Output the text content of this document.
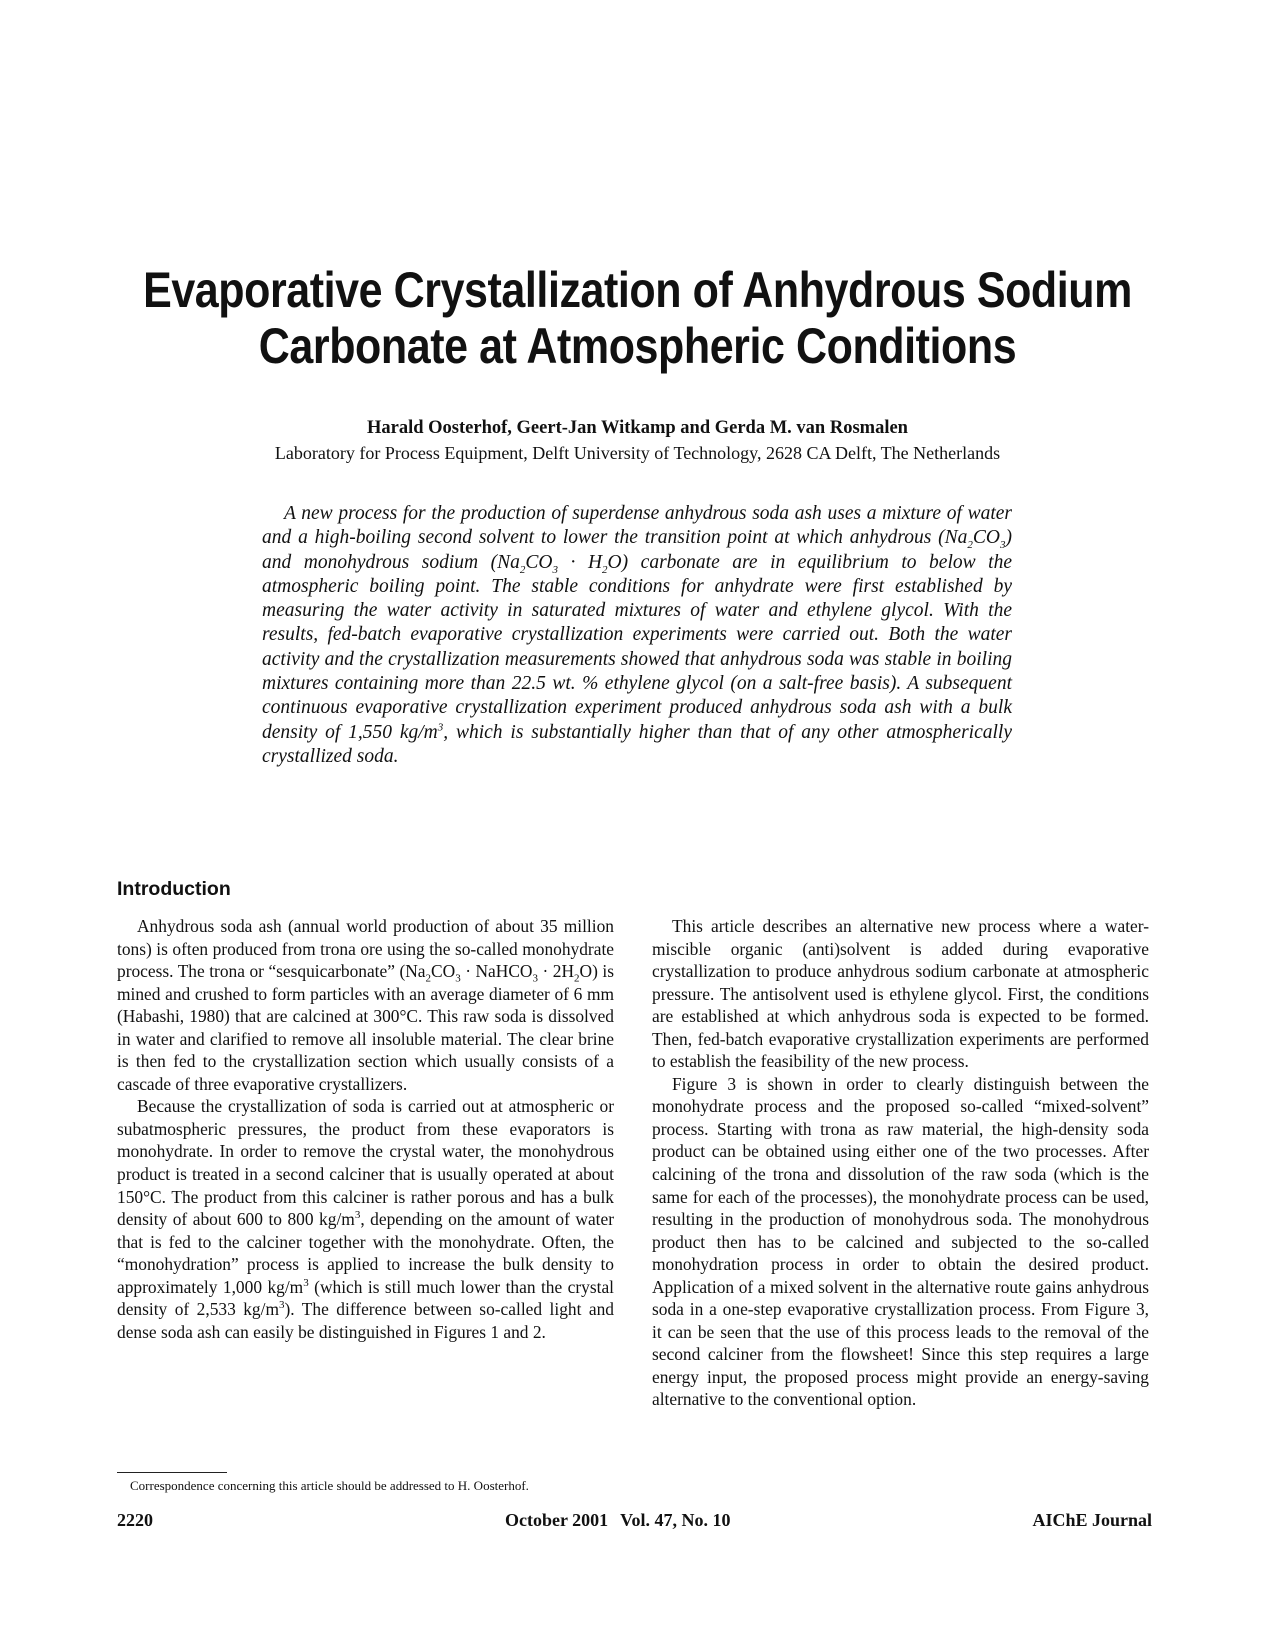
Evaporative Crystallization of Anhydrous Sodium
Carbonate at Atmospheric Conditions

Harald Oosterhof, Geert-Jan Witkamp and Gerda M. van Rosmalen

Laboratory for Process Equipment, Delft University of Technology, 2628 CA Delft, The Netherlands

A new process for the production of superdense anhydrous soda ash uses a mixture of water and a high-boiling second solvent to lower the transition point at which anhydrous $(Na_2CO_3)$ and monohydrous sodium $(Na_2CO_3 \cdot H_2O)$ carbonate are in equilibrium to below the atmospheric boiling point. The stable conditions for anhydrate were first established by measuring the water activity in saturated mixtures of water and ethylene glycol. With the results, fed-batch evaporative crystallization experiments were carried out. Both the water activity and the crystallization measurements showed that anhydrous soda was stable in boiling mixtures containing more than 22.5 wt. % ethylene glycol (on a salt-free basis). A subsequent continuous evaporative crystallization experiment produced anhydrous soda ash with a bulk density of 1,550 $kg/m^3$, which is substantially higher than that of any other atmospherically crystallized soda.

Introduction

Anhydrous soda ash (annual world production of about 35 million tons) is often produced from trona ore using the so-called monohydrate process. The trona or “sesquicarbonate” ($Na_2CO_3$ · NaHCO$_3$ · $2H_2O$) is mined and crushed to form particles with an average diameter of 6 mm (Habashi, 1980) that are calcined at 300°C. This raw soda is dissolved in water and clarified to remove all insoluble material. The clear brine is then fed to the crystallization section which usually consists of a cascade of three evaporative crystallizers.

Because the crystallization of soda is carried out at atmospheric or subatmospheric pressures, the product from these evaporators is monohydrate. In order to remove the crystal water, the monohydrous product is treated in a second calciner that is usually operated at about 150°C. The product from this calciner is rather porous and has a bulk density of about 600 to 800 $kg/m^3$, depending on the amount of water that is fed to the calciner together with the monohydrate. Often, the “monohydration” process is applied to increase the bulk density to approximately 1,000 $kg/m^3$ (which is still much lower than the crystal density of 2,533 $kg/m^3$). The difference between so-called light and dense soda ash can easily be distinguished in Figures 1 and 2.

This article describes an alternative new process where a water-miscible organic (anti)solvent is added during evaporative crystallization to produce anhydrous sodium carbonate at atmospheric pressure. The antisolvent used is ethylene glycol. First, the conditions are established at which anhydrous soda is expected to be formed. Then, fed-batch evaporative crystallization experiments are performed to establish the feasibility of the new process.

Figure 3 is shown in order to clearly distinguish between the monohydrate process and the proposed so-called “mixed-solvent” process. Starting with trona as raw material, the high-density soda product can be obtained using either one of the two processes. After calcining of the trona and dissolution of the raw soda (which is the same for each of the processes), the monohydrate process can be used, resulting in the production of monohydrous soda. The monohydrous product then has to be calcined and subjected to the so-called monohydration process in order to obtain the desired product. Application of a mixed solvent in the alternative route gains anhydrous soda in a one-step evaporative crystallization process. From Figure 3, it can be seen that the use of this process leads to the removal of the second calciner from the flowsheet! Since this step requires a large energy input, the proposed process might provide an energy-saving alternative to the conventional option.

Correspondence concerning this article should be addressed to H. Oosterhof.

2220	October 2001 Vol. 47, No. 10	AIChE Journal
